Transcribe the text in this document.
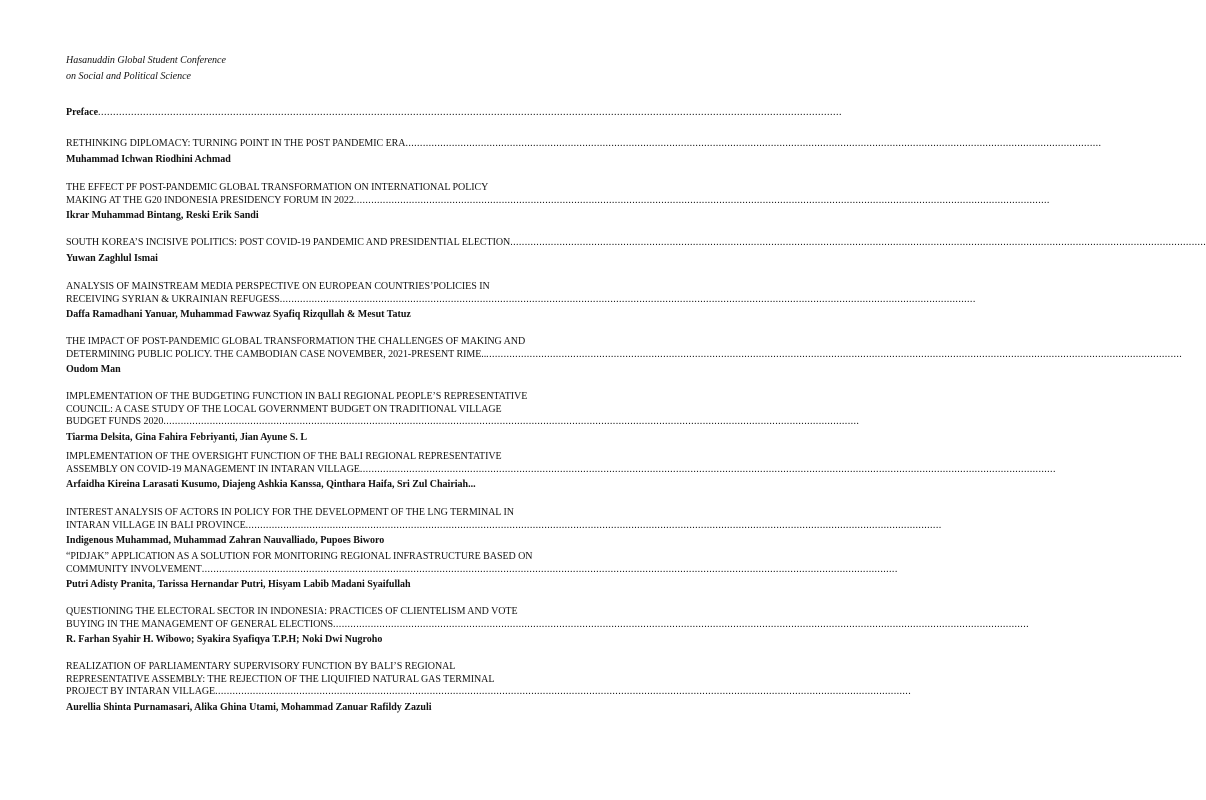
Hasanuddin Global Student Conference
on Social and Political Science
Preface .....
RETHINKING DIPLOMACY: TURNING POINT IN THE POST PANDEMIC ERA................................................................................................................................................................................................................................................
Muhammad Ichwan Riodhini Achmad
THE EFFECT PF POST-PANDEMIC GLOBAL TRANSFORMATION ON INTERNATIONAL POLICY
MAKING AT THE G20 INDONESIA PRESIDENCY FORUM IN 2022................................................................................................................................................................................................................................................
Ikrar Muhammad Bintang, Reski Erik Sandi
SOUTH KOREA’S INCISIVE POLITICS: POST COVID-19 PANDEMIC AND PRESIDENTIAL ELECTION................................................................................................................................................................................................................................................
Yuwan Zaghlul Ismai
ANALYSIS OF MAINSTREAM MEDIA PERSPECTIVE ON EUROPEAN COUNTRIES’POLICIES IN
RECEIVING SYRIAN & UKRAINIAN REFUGESS................................................................................................................................................................................................................................................
Daffa Ramadhani Yanuar, Muhammad Fawwaz Syafiq Rizqullah & Mesut Tatuz
THE IMPACT OF POST-PANDEMIC GLOBAL TRANSFORMATION THE CHALLENGES OF MAKING AND
DETERMINING PUBLIC POLICY. THE CAMBODIAN CASE NOVEMBER, 2021-PRESENT RIME..................................................................................................................................................................................................................................................
Oudom Man
IMPLEMENTATION OF THE BUDGETING FUNCTION IN BALI REGIONAL PEOPLE’S REPRESENTATIVE
COUNCIL: A CASE STUDY OF THE LOCAL GOVERNMENT BUDGET ON TRADITIONAL VILLAGE
BUDGET FUNDS 2020................................................................................................................................................................................................................................................
Tiarma Delsita, Gina Fahira Febriyanti, Jian Ayune S. L
IMPLEMENTATION OF THE OVERSIGHT FUNCTION OF THE BALI REGIONAL REPRESENTATIVE
ASSEMBLY ON COVID-19 MANAGEMENT IN INTARAN VILLAGE................................................................................................................................................................................................................................................
Arfaidha Kireina Larasati Kusumo, Diajeng Ashkia Kanssa, Qinthara Haifa, Sri Zul Chairiah...
INTEREST ANALYSIS OF ACTORS IN POLICY FOR THE DEVELOPMENT OF THE LNG TERMINAL IN
INTARAN VILLAGE IN BALI PROVINCE................................................................................................................................................................................................................................................
Indigenous Muhammad, Muhammad Zahran Nauvalliado, Pupoes Biworo
“PIDJAK” APPLICATION AS A SOLUTION FOR MONITORING REGIONAL INFRASTRUCTURE BASED ON
COMMUNITY INVOLVEMENT................................................................................................................................................................................................................................................
Putri Adisty Pranita, Tarissa Hernandar Putri, Hisyam Labib Madani Syaifullah
QUESTIONING THE ELECTORAL SECTOR IN INDONESIA: PRACTICES OF CLIENTELISM AND VOTE
BUYING IN THE MANAGEMENT OF GENERAL ELECTIONS................................................................................................................................................................................................................................................
R. Farhan Syahir H. Wibowo; Syakira Syafiqya T.P.H; Noki Dwi Nugroho
REALIZATION OF PARLIAMENTARY SUPERVISORY FUNCTION BY BALI’S REGIONAL
REPRESENTATIVE ASSEMBLY: THE REJECTION OF THE LIQUIFIED NATURAL GAS TERMINAL
PROJECT BY INTARAN VILLAGE................................................................................................................................................................................................................................................
Aurellia Shinta Purnamasari, Alika Ghina Utami, Mohammad Zanuar Rafildy Zazuli
